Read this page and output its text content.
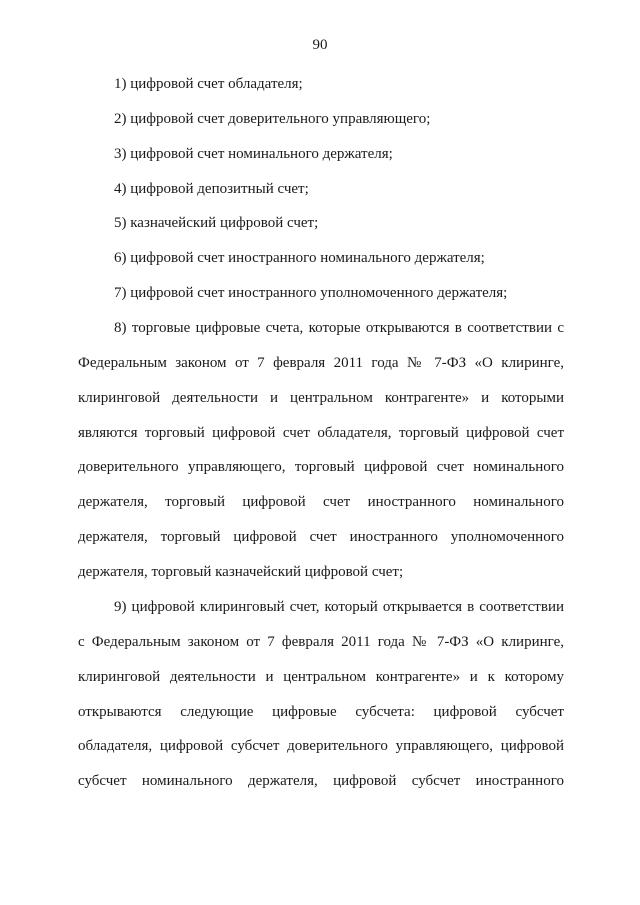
90
1) цифровой счет обладателя;
2) цифровой счет доверительного управляющего;
3) цифровой счет номинального держателя;
4) цифровой депозитный счет;
5) казначейский цифровой счет;
6) цифровой счет иностранного номинального держателя;
7) цифровой счет иностранного уполномоченного держателя;
8) торговые цифровые счета, которые открываются в соответствии с
Федеральным законом от 7 февраля 2011 года № 7-ФЗ «О клиринге,
клиринговой деятельности и центральном контрагенте» и которыми
являются торговый цифровой счет обладателя, торговый цифровой счет
доверительного управляющего, торговый цифровой счет номинального
держателя, торговый цифровой счет иностранного номинального
держателя, торговый цифровой счет иностранного уполномоченного
держателя, торговый казначейский цифровой счет;
9) цифровой клиринговый счет, который открывается в соответствии
с Федеральным законом от 7 февраля 2011 года № 7-ФЗ «О клиринге,
клиринговой деятельности и центральном контрагенте» и к которому
открываются следующие цифровые субсчета: цифровой субсчет
обладателя, цифровой субсчет доверительного управляющего, цифровой
субсчет номинального держателя, цифровой субсчет иностранного
